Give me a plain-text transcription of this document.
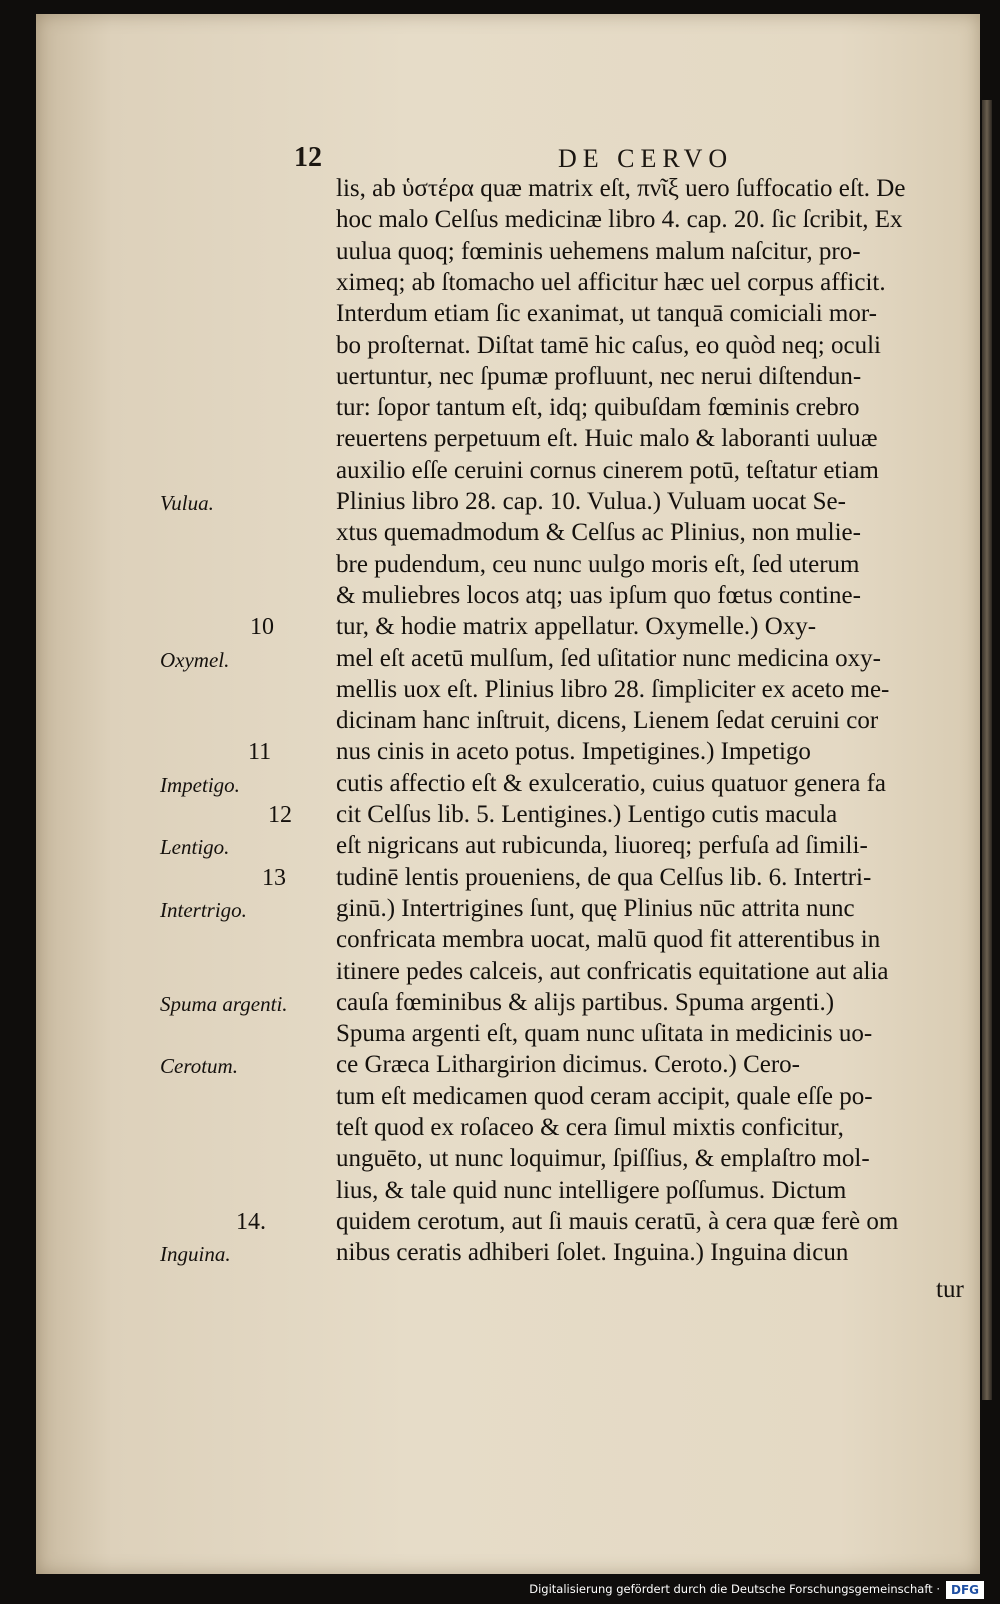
12	DE CERVO
lis, ab ὑστέρα quæ matrix eſt, πνῖξ uero ſuffocatio eſt. De
hoc malo Celſus medicinæ libro 4. cap. 20. ſic ſcribit, Ex
uulua quoq; fœminis uehemens malum naſcitur, pro-
ximeq; ab ſtomacho uel afficitur hæc uel corpus afficit.
Interdum etiam ſic exanimat, ut tanquā comiciali mor-
bo proſternat. Diſtat tamē hic caſus, eo quòd neq; oculi
uertuntur, nec ſpumæ profluunt, nec nerui diſtendun-
tur: ſopor tantum eſt, idq; quibuſdam fœminis crebro
reuertens perpetuum eſt. Huic malo & laboranti uuluæ
auxilio eſſe ceruini cornus cinerem potū, teſtatur etiam
Plinius libro 28. cap. 10. Vulua.) Vuluam uocat Se-
xtus quemadmodum & Celſus ac Plinius, non mulie-
bre pudendum, ceu nunc uulgo moris eſt, ſed uterum
& muliebres locos atq; uas ipſum quo fœtus contine-
tur, & hodie matrix appellatur. Oxymelle.) Oxy-
mel eſt acetū mulſum, ſed uſitatior nunc medicina oxy-
mellis uox eſt. Plinius libro 28. ſimpliciter ex aceto me-
dicinam hanc inſtruit, dicens, Lienem ſedat ceruini cor
nus cinis in aceto potus. Impetigines.) Impetigo
cutis affectio eſt & exulceratio, cuius quatuor genera fa
cit Celſus lib. 5. Lentigines.) Lentigo cutis macula
eſt nigricans aut rubicunda, liuoreq; perfuſa ad ſimili-
tudinē lentis proueniens, de qua Celſus lib. 6. Intertri-
ginū.) Intertrigines ſunt, quę Plinius nūc attrita nunc
confricata membra uocat, malū quod fit atterentibus in
itinere pedes calceis, aut confricatis equitatione aut alia
cauſa fœminibus & alijs partibus. Spuma argenti.)
Spuma argenti eſt, quam nunc uſitata in medicinis uo-
ce Græca Lithargirion dicimus. Ceroto.) Cero-
tum eſt medicamen quod ceram accipit, quale eſſe po-
teſt quod ex roſaceo & cera ſimul mixtis conficitur,
unguēto, ut nunc loquimur, ſpiſſius, & emplaſtro mol-
lius, & tale quid nunc intelligere poſſumus. Dictum
quidem cerotum, aut ſi mauis ceratū, à cera quæ ferè om
nibus ceratis adhiberi ſolet. Inguina.) Inguina dicun
10
11
12
13
14.
Vulua.
Oxymel.
Impetigo.
Lentigo.
Intertrigo.
Spuma argenti.
Cerotum.
Inguina.
tur
Digitalisierung gefördert durch die Deutsche Forschungsgemeinschaft · DFG
